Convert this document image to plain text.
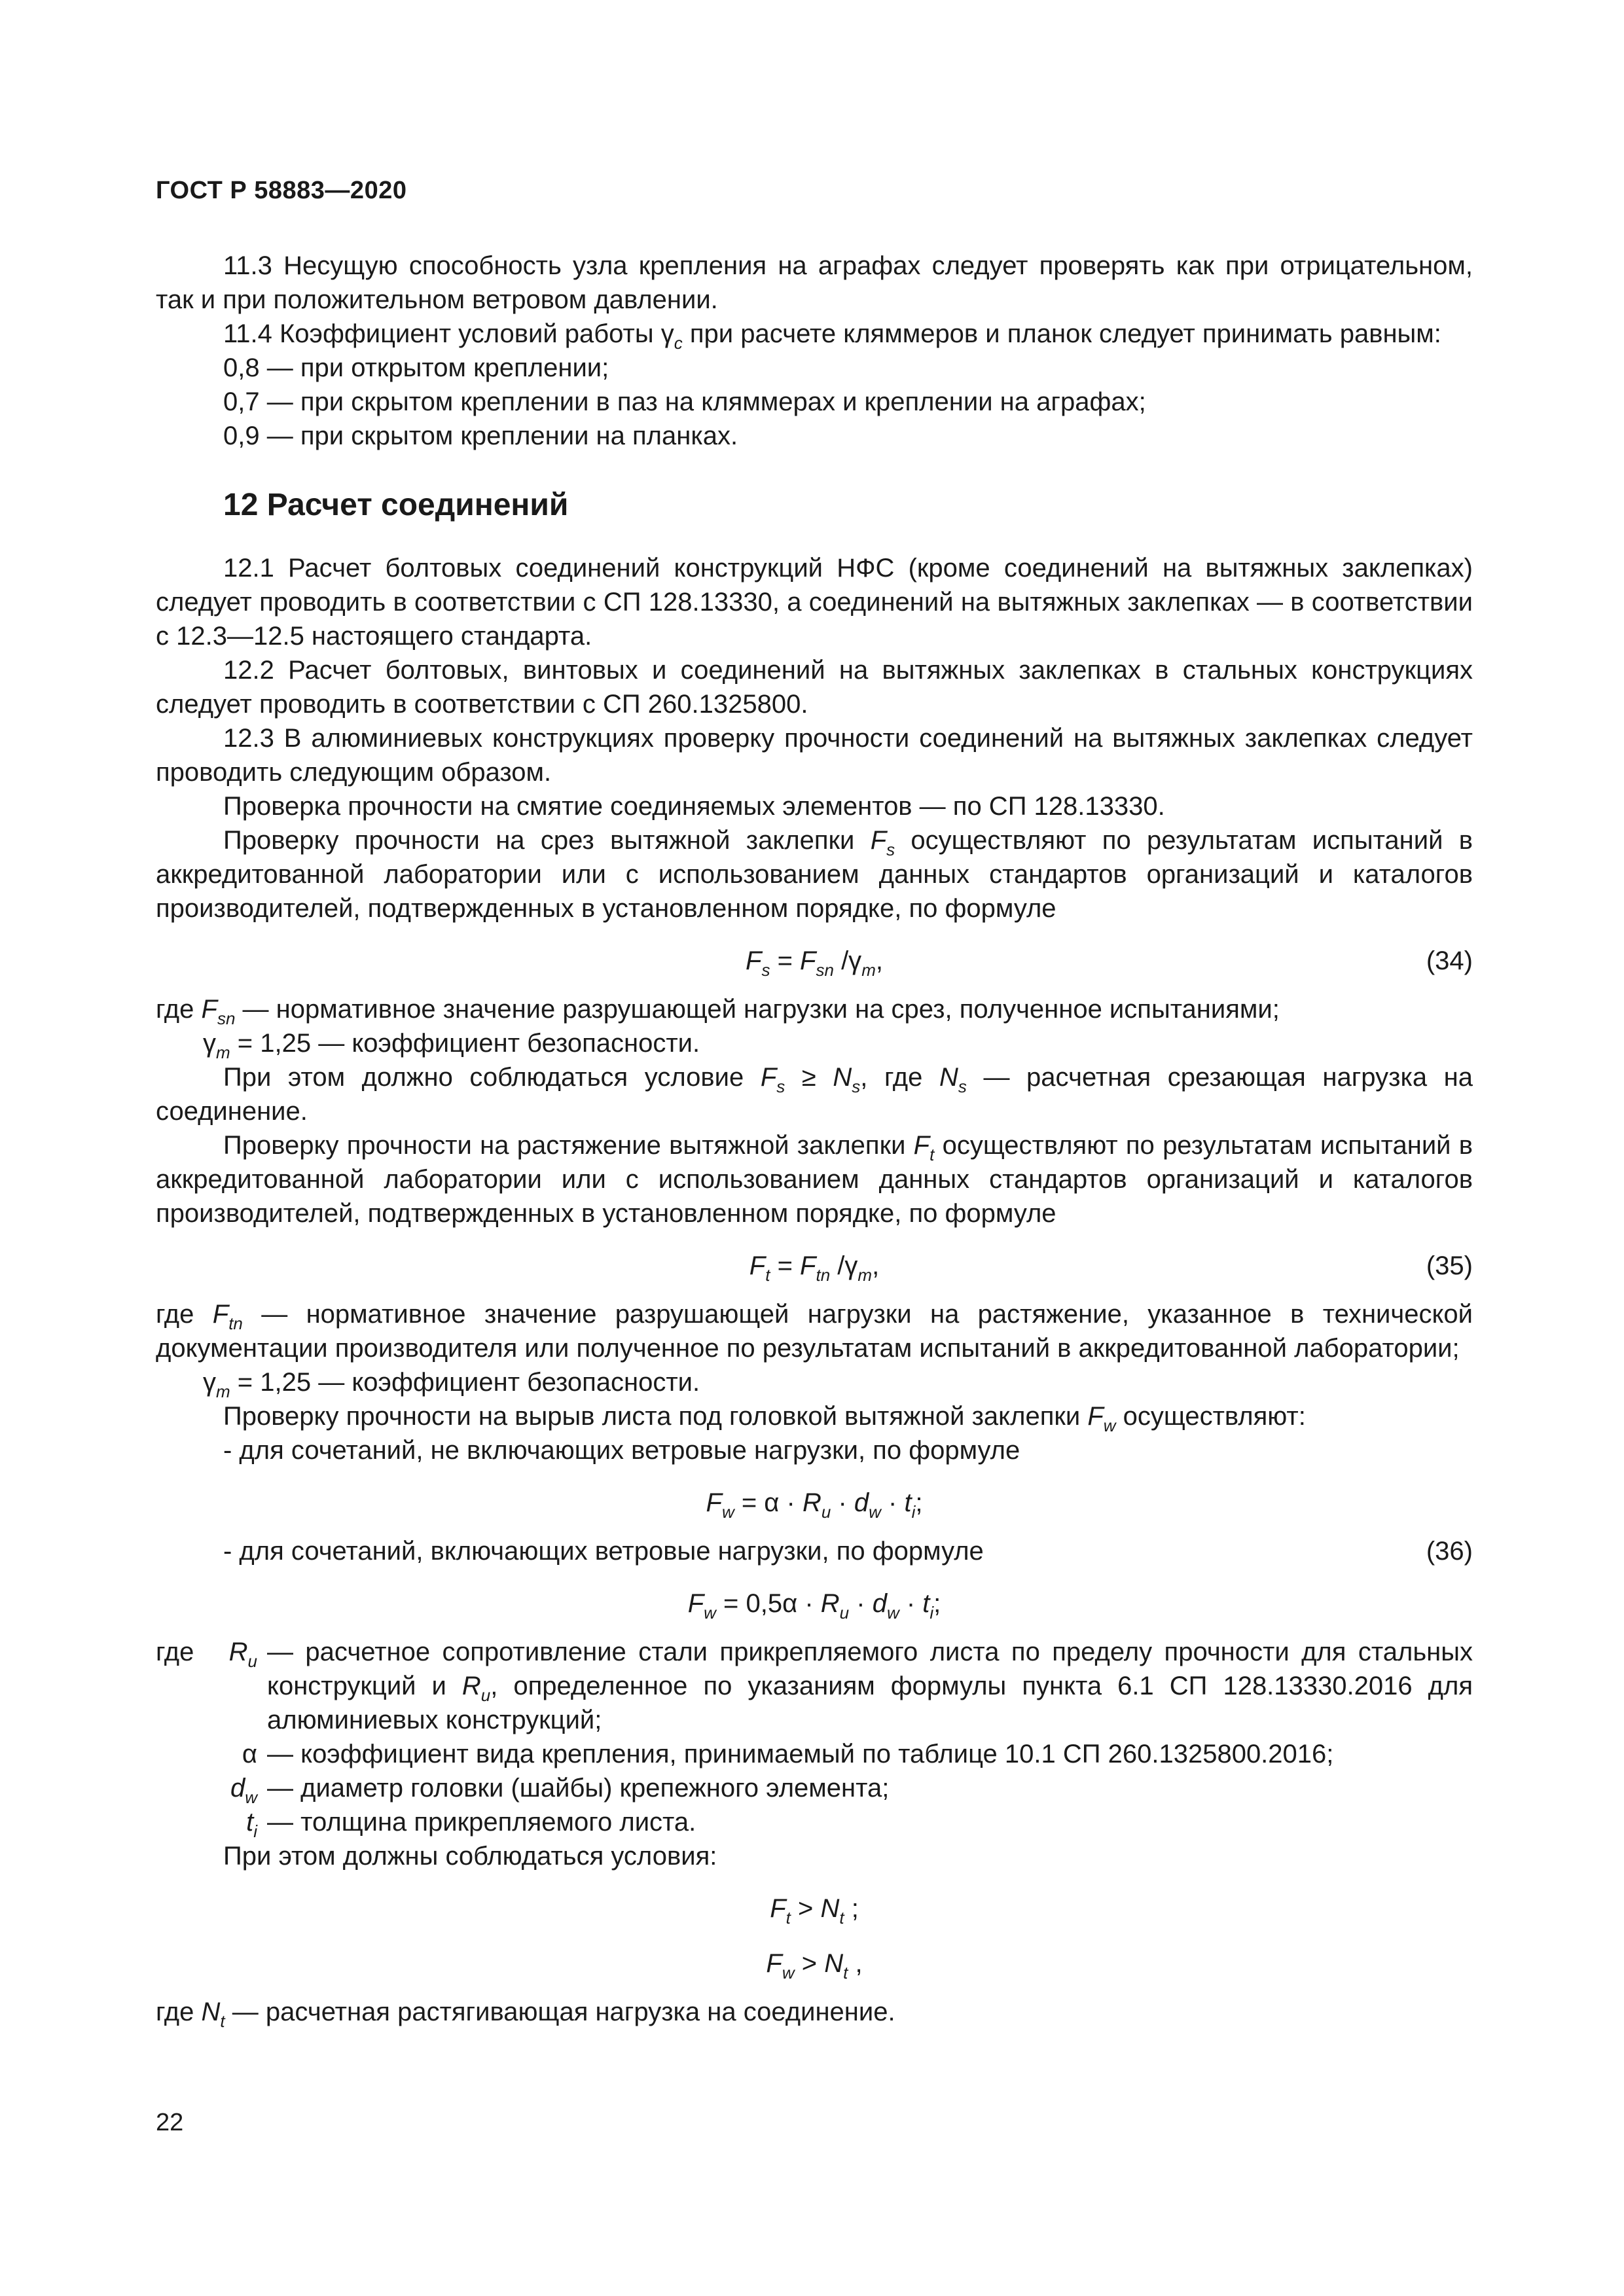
ГОСТ Р 58883—2020

11.3 Несущую способность узла крепления на аграфах следует проверять как при отрицательном, так и при положительном ветровом давлении.

11.4 Коэффициент условий работы $\gamma_c$ при расчете кляммеров и планок следует принимать равным:

0,8 — при открытом креплении;

0,7 — при скрытом креплении в паз на кляммерах и креплении на аграфах;

0,9 — при скрытом креплении на планках.

12 Расчет соединений

12.1 Расчет болтовых соединений конструкций НФС (кроме соединений на вытяжных заклепках) следует проводить в соответствии с СП 128.13330, а соединений на вытяжных заклепках — в соответствии с 12.3—12.5 настоящего стандарта.

12.2 Расчет болтовых, винтовых и соединений на вытяжных заклепках в стальных конструкциях следует проводить в соответствии с СП 260.1325800.

12.3 В алюминиевых конструкциях проверку прочности соединений на вытяжных заклепках следует проводить следующим образом.

Проверка прочности на смятие соединяемых элементов — по СП 128.13330.

Проверку прочности на срез вытяжной заклепки $F_s$ осуществляют по результатам испытаний в аккредитованной лаборатории или с использованием данных стандартов организаций и каталогов производителей, подтвержденных в установленном порядке, по формуле

$F_s = F_{sn}$ $/\gamma_m$,	(34)

где $F_{sn}$ — нормативное значение разрушающей нагрузки на срез, полученное испытаниями;

$\gamma_m = 1,25$ — коэффициент безопасности.

При этом должно соблюдаться условие $F_s \ge N_s$, где $N_s$ — расчетная срезающая нагрузка на соединение.

Проверку прочности на растяжение вытяжной заклепки $F_t$ осуществляют по результатам испытаний в аккредитованной лаборатории или с использованием данных стандартов организаций и каталогов производителей, подтвержденных в установленном порядке, по формуле

$F_t = F_{tn}$ $/\gamma_m$,	(35)

где $F_{tn}$ — нормативное значение разрушающей нагрузки на растяжение, указанное в технической документации производителя или полученное по результатам испытаний в аккредитованной лаборатории;

$\gamma_m = 1,25$ — коэффициент безопасности.

Проверку прочности на вырыв листа под головкой вытяжной заклепки $F_w$ осуществляют:

- для сочетаний, не включающих ветровые нагрузки, по формуле
$F_w = \alpha \cdot R_u \cdot d_w \cdot t_i$;
- для сочетаний, включающих ветровые нагрузки, по формуле	(36)
$F_w = 0,5\alpha \cdot R_u \cdot d_w \cdot t_i$;
где	$R_u$ — расчетное сопротивление стали прикрепляемого листа по пределу прочности для стальных конструкций и $R_u$, определенное по указаниям формулы пункта 6.1 СП 128.13330.2016 для алюминиевых конструкций;
α — коэффициент вида крепления, принимаемый по таблице 10.1 СП 260.1325800.2016;
$d_w$ — диаметр головки (шайбы) крепежного элемента;
$t_i$ — толщина прикрепляемого листа.

При этом должны соблюдаться условия:

$F_t > N_t$ ;
$F_w > N_t$ ,

где $N_t$ — расчетная растягивающая нагрузка на соединение.

22
